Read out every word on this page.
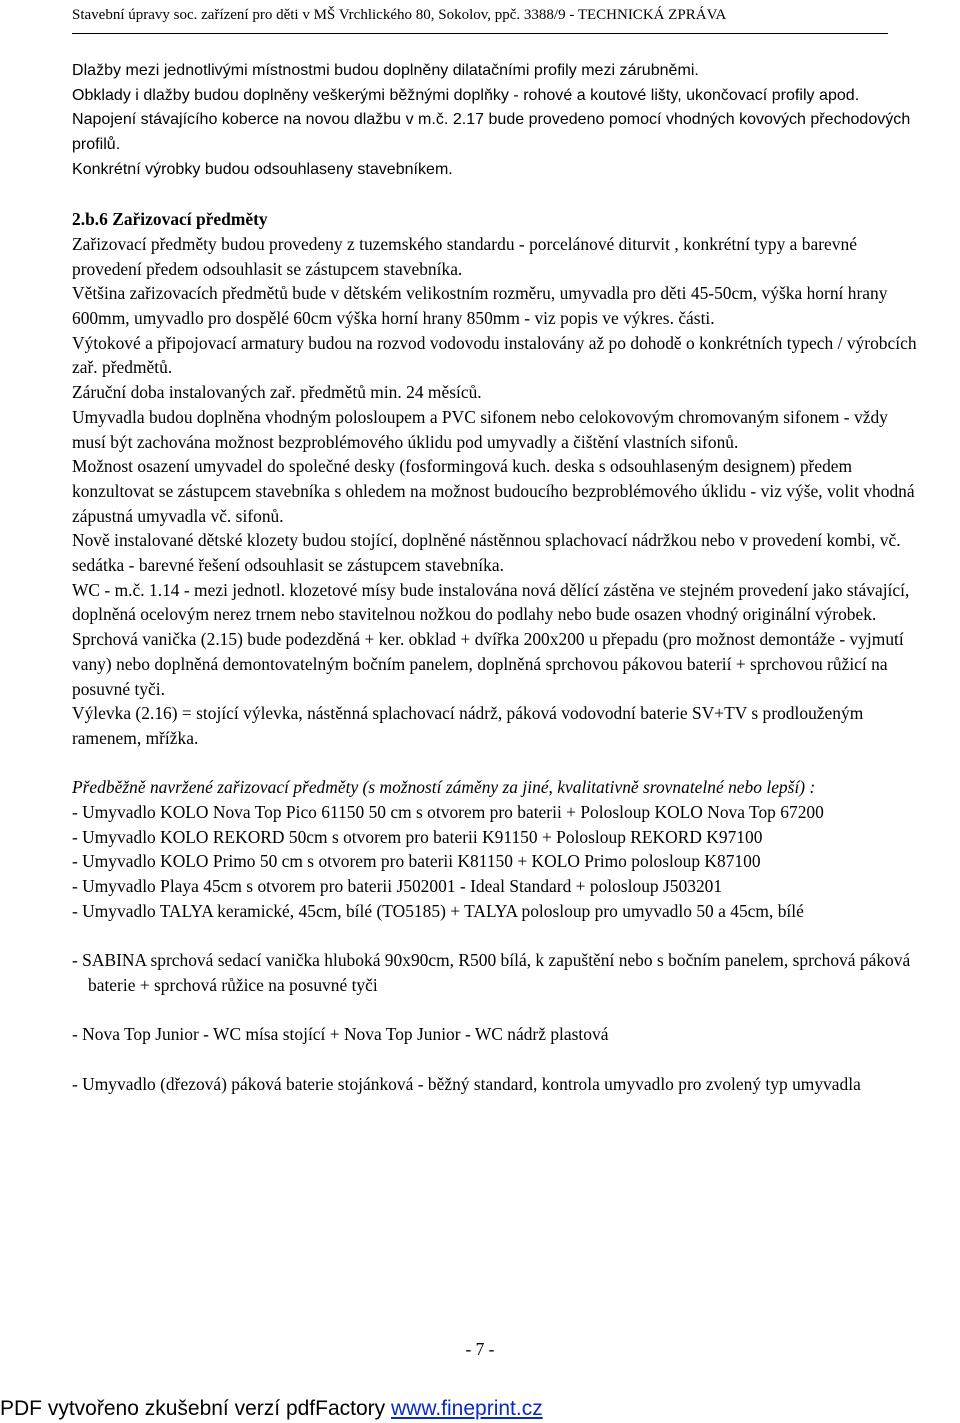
Stavební úpravy soc. zařízení pro děti v MŠ Vrchlického 80, Sokolov, ppč. 3388/9 - TECHNICKÁ ZPRÁVA

Dlažby mezi jednotlivými místnostmi budou doplněny dilatačními profily mezi zárubněmi.

Obklady i dlažby budou doplněny veškerými běžnými doplňky - rohové a koutové lišty, ukončovací profily apod.

Napojení stávajícího koberce na novou dlažbu v m.č. 2.17 bude provedeno pomocí vhodných kovových přechodových profilů.

Konkrétní výrobky budou odsouhlaseny stavebníkem.

2.b.6 Zařizovací předměty

Zařizovací předměty budou provedeny z tuzemského standardu - porcelánové diturvit , konkrétní typy a barevné provedení předem odsouhlasit se zástupcem stavebníka.

Většina zařizovacích předmětů bude v dětském velikostním rozměru, umyvadla pro děti 45-50cm, výška horní hrany 600mm, umyvadlo pro dospělé 60cm výška horní hrany 850mm - viz popis ve výkres. části.

Výtokové a připojovací armatury budou na rozvod vodovodu instalovány až po dohodě o konkrétních typech / výrobcích zař. předmětů.

Záruční doba instalovaných zař. předmětů min. 24 měsíců.

Umyvadla budou doplněna vhodným polosloupem a PVC sifonem nebo celokovovým chromovaným sifonem - vždy musí být zachována možnost bezproblémového úklidu pod umyvadly a čištění vlastních sifonů.

Možnost osazení umyvadel do společné desky (fosformingová kuch. deska s odsouhlaseným designem) předem konzultovat se zástupcem stavebníka s ohledem na možnost budoucího bezproblémového úklidu - viz výše, volit vhodná zápustná umyvadla vč. sifonů.

Nově instalované dětské klozety budou stojící, doplněné nástěnnou splachovací nádržkou nebo v provedení kombi, vč. sedátka - barevné řešení odsouhlasit se zástupcem stavebníka.

WC - m.č. 1.14 - mezi jednotl. klozetové mísy bude instalována nová dělící zástěna ve stejném provedení jako stávající, doplněná ocelovým nerez trnem nebo stavitelnou nožkou do podlahy nebo bude osazen vhodný originální výrobek.

Sprchová vanička (2.15) bude podezděná + ker. obklad + dvířka 200x200 u přepadu (pro možnost demontáže - vyjmutí vany) nebo doplněná demontovatelným bočním panelem, doplněná sprchovou pákovou baterií + sprchovou růžicí na posuvné tyči.

Výlevka (2.16) = stojící výlevka, nástěnná splachovací nádrž, páková vodovodní baterie SV+TV s prodlouženým ramenem, mřížka.

Předběžně navržené zařizovací předměty (s možností záměny za jiné, kvalitativně srovnatelné nebo lepší) :

- Umyvadlo KOLO Nova Top Pico 61150 50 cm s otvorem pro baterii + Polosloup KOLO Nova Top 67200

- Umyvadlo KOLO REKORD 50cm s otvorem pro baterii K91150 + Polosloup REKORD K97100

- Umyvadlo KOLO Primo 50 cm s otvorem pro baterii K81150 + KOLO Primo polosloup K87100

- Umyvadlo Playa 45cm s otvorem pro baterii J502001 - Ideal Standard + polosloup J503201

- Umyvadlo TALYA keramické, 45cm, bílé (TO5185) + TALYA polosloup pro umyvadlo 50 a 45cm, bílé

- SABINA sprchová sedací vanička hluboká 90x90cm, R500 bílá, k zapuštění nebo s bočním panelem, sprchová páková baterie + sprchová růžice na posuvné tyči

- Nova Top Junior - WC mísa stojící + Nova Top Junior - WC nádrž plastová

- Umyvadlo (dřezová) páková baterie stojánková - běžný standard, kontrola umyvadlo pro zvolený typ umyvadla

- 7 -
PDF vytvořeno zkušební verzí pdfFactory www.fineprint.cz
